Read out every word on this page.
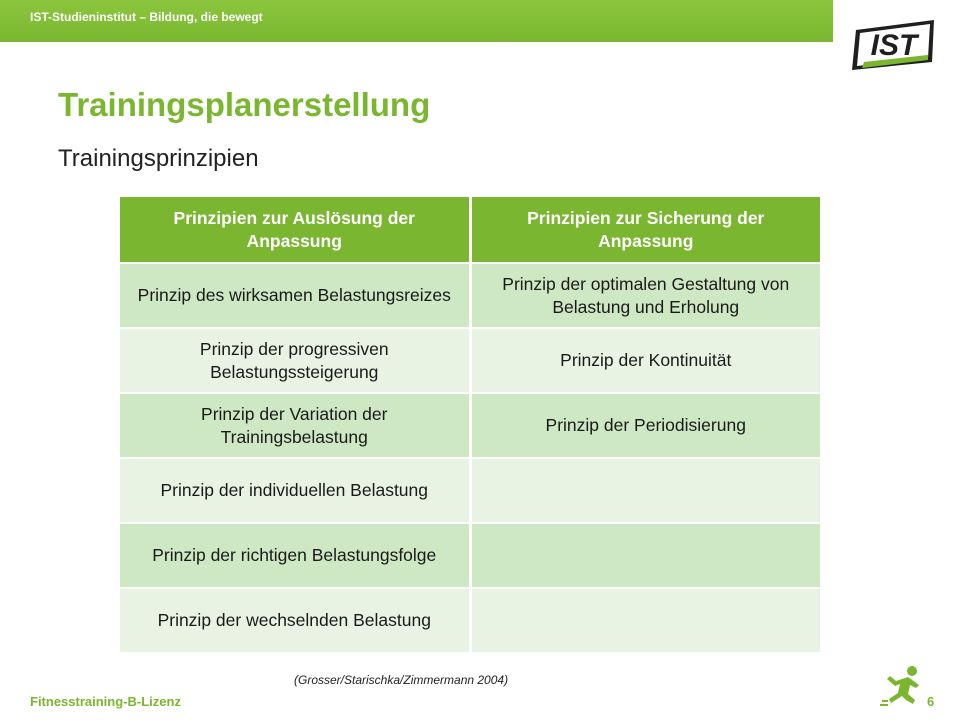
IST-Studieninstitut – Bildung, die bewegt
IST
Trainingsplanerstellung
Trainingsprinzipien
Prinzipien zur Auslösung der Anpassung	Prinzipien zur Sicherung der Anpassung
Prinzip des wirksamen Belastungsreizes	Prinzip der optimalen Gestaltung von Belastung und Erholung
Prinzip der progressiven Belastungssteigerung	Prinzip der Kontinuität
Prinzip der Variation der Trainingsbelastung	Prinzip der Periodisierung
Prinzip der individuellen Belastung	
Prinzip der richtigen Belastungsfolge	
Prinzip der wechselnden Belastung	
(Grosser/Starischka/Zimmermann 2004)
Fitnesstraining-B-Lizenz	6
